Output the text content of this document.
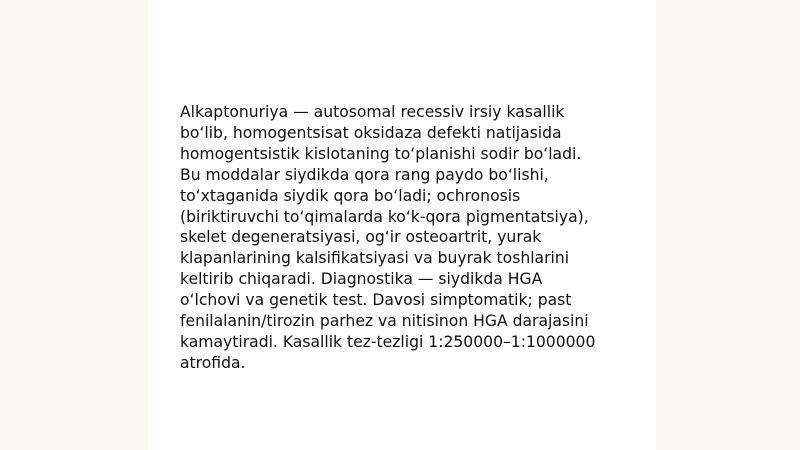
Alkaptonuriya — autosomal recessiv irsiy kasallik
bo‘lib, homogentsisat oksidaza defekti natijasida
homogentsistik kislotaning to‘planishi sodir bo‘ladi.
Bu moddalar siydikda qora rang paydo bo‘lishi,
to‘xtaganida siydik qora bo‘ladi; ochronosis
(biriktiruvchi to‘qimalarda ko‘k-qora pigmentatsiya),
skelet degeneratsiyasi, og‘ir osteoartrit, yurak
klapanlarining kalsifikatsiyasi va buyrak toshlarini
keltirib chiqaradi. Diagnostika — siydikda HGA
o‘lchovi va genetik test. Davosi simptomatik; past
fenilalanin/tirozin parhez va nitisinon HGA darajasini
kamaytiradi. Kasallik tez-tezligi 1:250000–1:1000000
atrofida.
